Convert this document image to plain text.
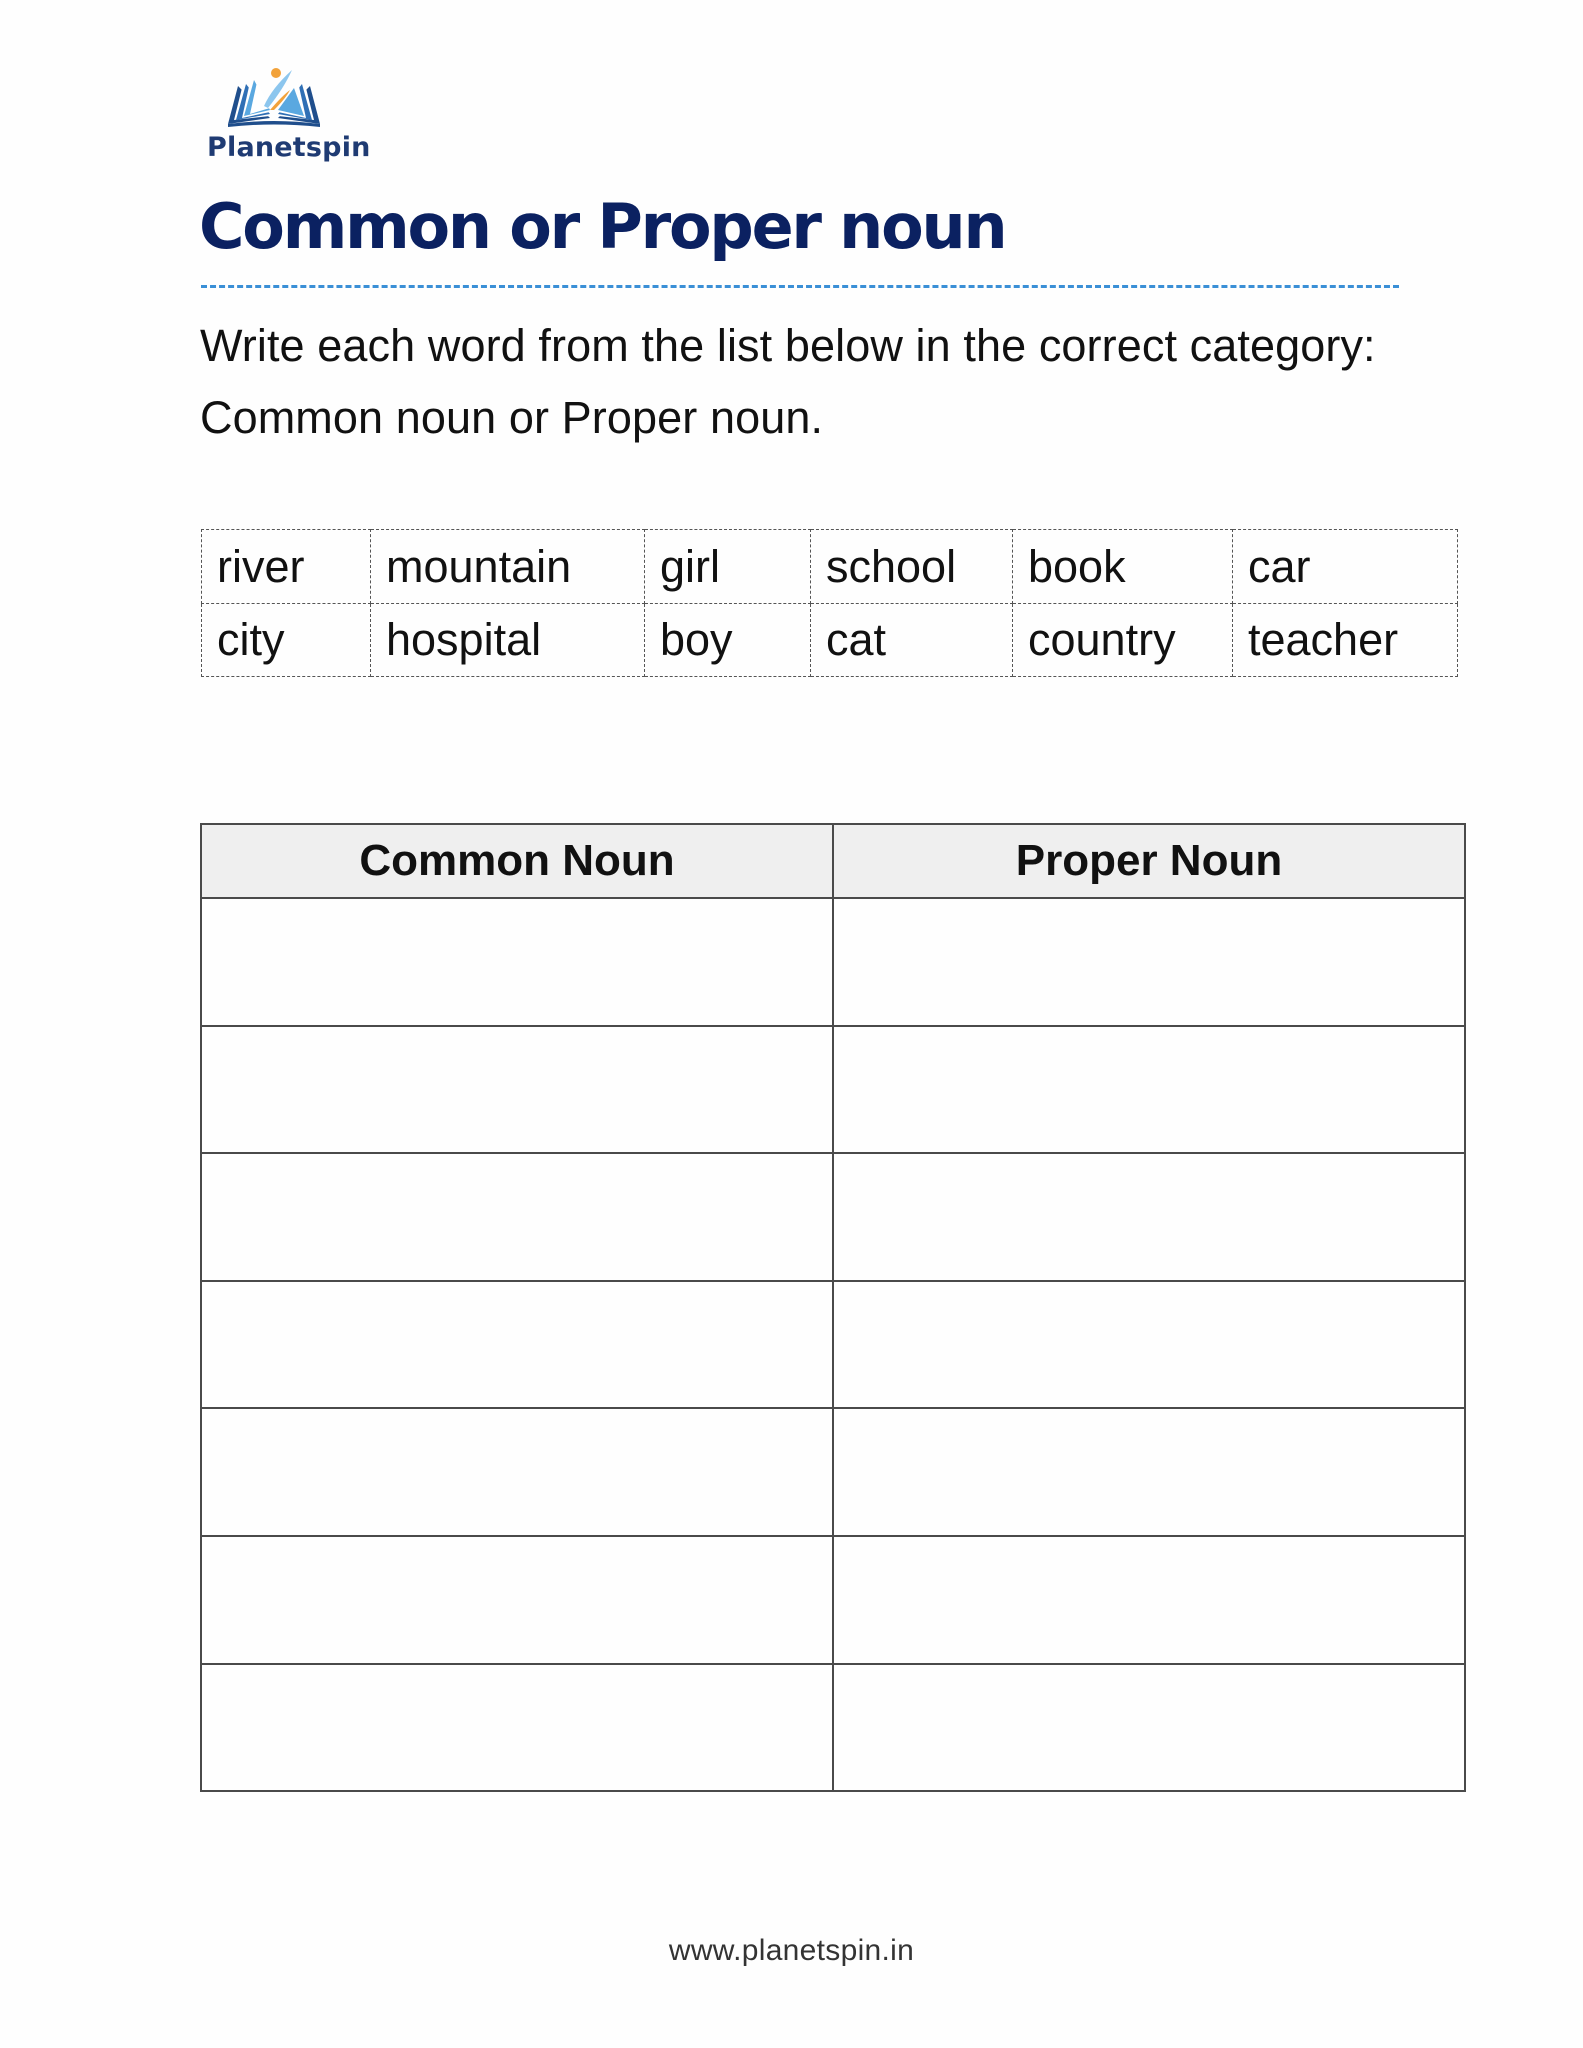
Planetspin
Common or Proper noun
Write each word from the list below in the correct category:
Common noun or Proper noun.
river	mountain	girl	school	book	car
city	hospital	boy	cat	country	teacher
Common Noun	Proper Noun

www.planetspin.in
